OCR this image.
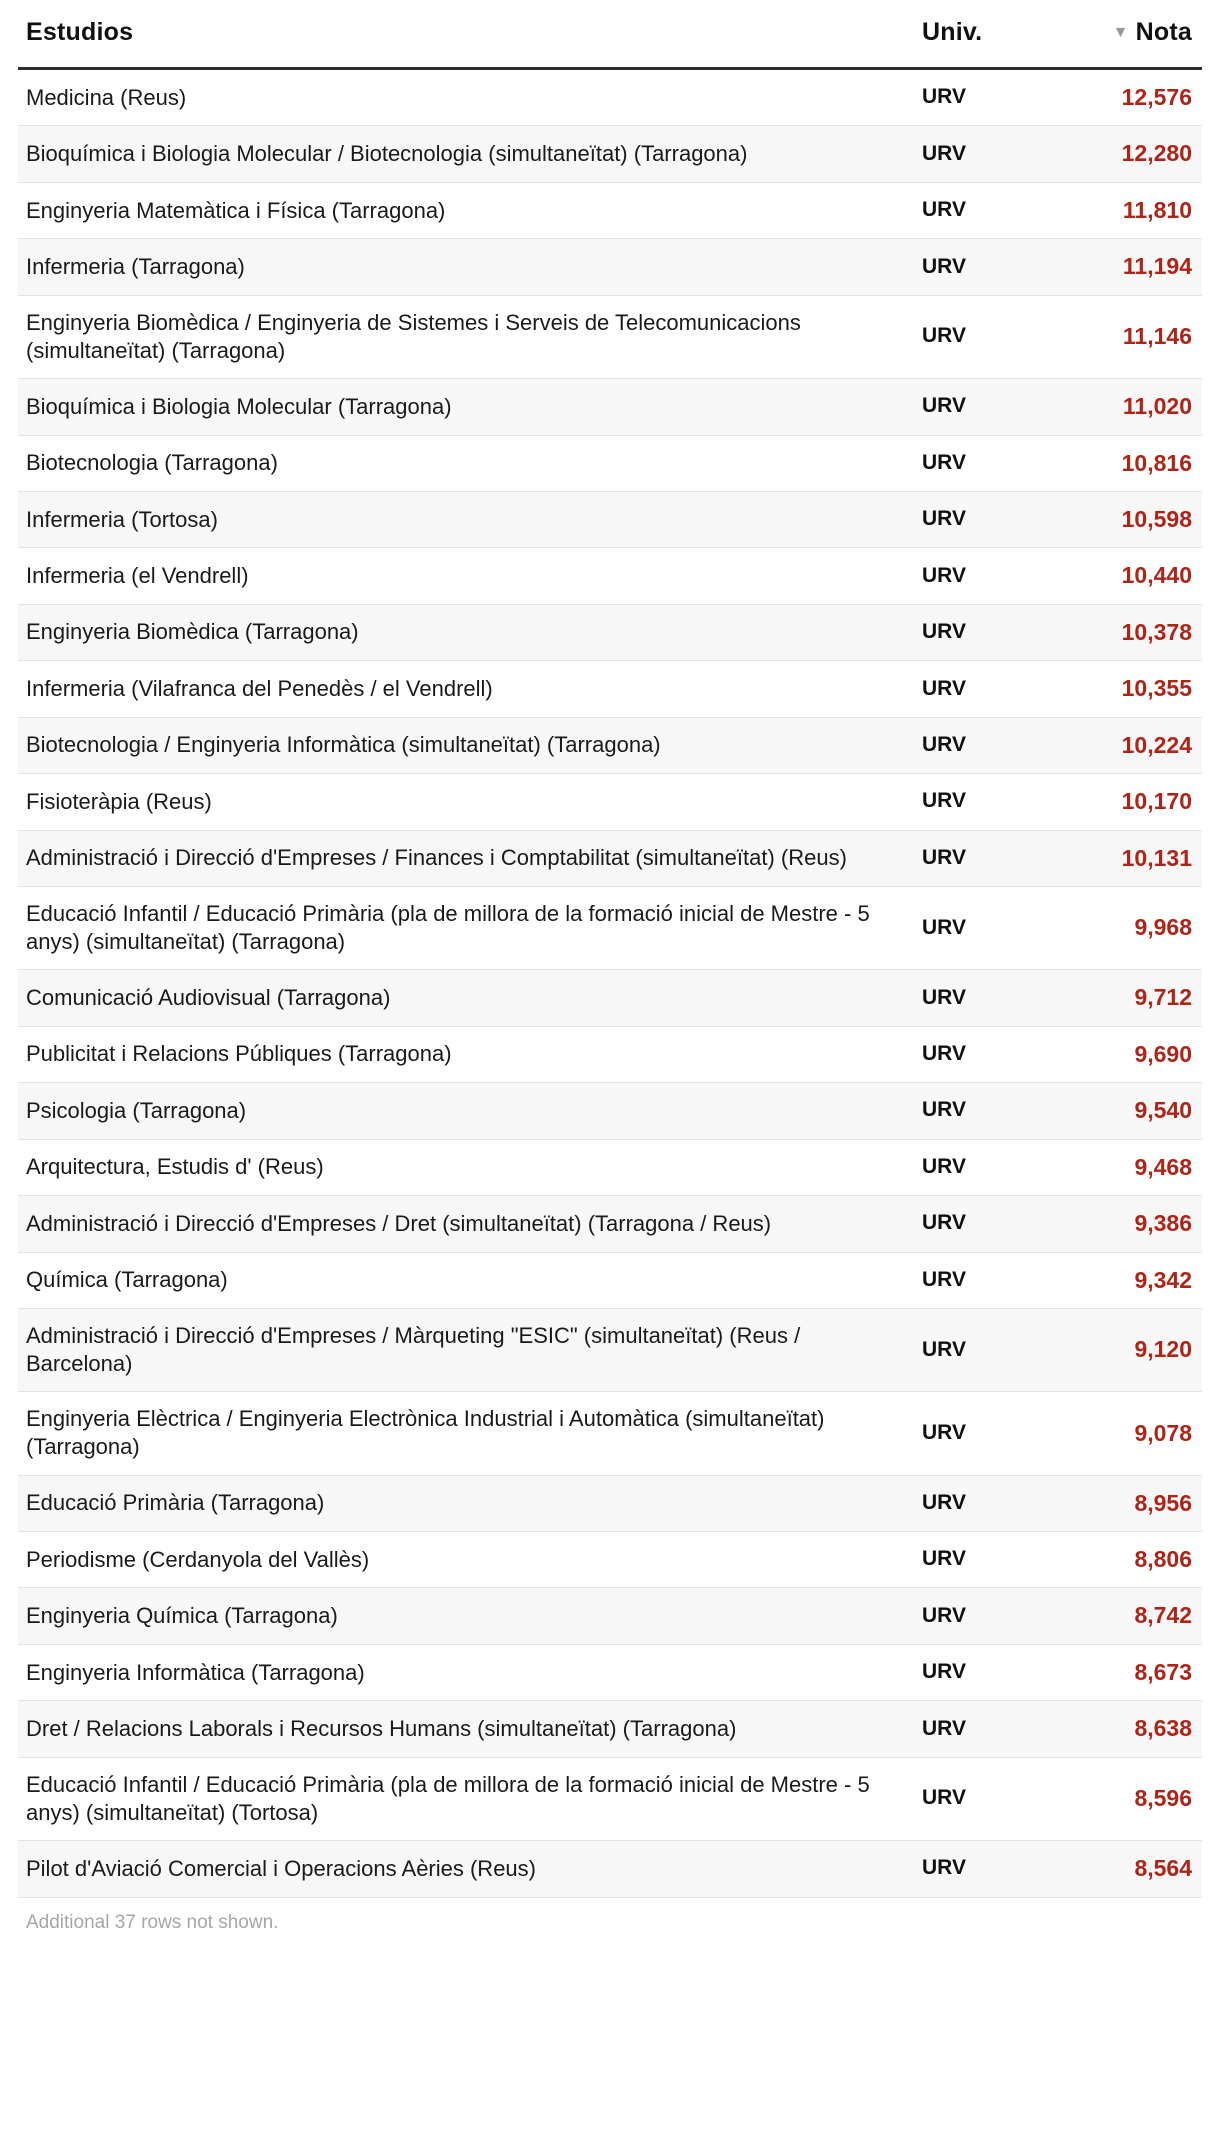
Estudios	Univ.	▼ Nota
Medicina (Reus)	URV	12,576
Bioquímica i Biologia Molecular / Biotecnologia (simultaneïtat) (Tarragona)	URV	12,280
Enginyeria Matemàtica i Física (Tarragona)	URV	11,810
Infermeria (Tarragona)	URV	11,194
Enginyeria Biomèdica / Enginyeria de Sistemes i Serveis de Telecomunicacions (simultaneïtat) (Tarragona)	URV	11,146
Bioquímica i Biologia Molecular (Tarragona)	URV	11,020
Biotecnologia (Tarragona)	URV	10,816
Infermeria (Tortosa)	URV	10,598
Infermeria (el Vendrell)	URV	10,440
Enginyeria Biomèdica (Tarragona)	URV	10,378
Infermeria (Vilafranca del Penedès / el Vendrell)	URV	10,355
Biotecnologia / Enginyeria Informàtica (simultaneïtat) (Tarragona)	URV	10,224
Fisioteràpia (Reus)	URV	10,170
Administració i Direcció d'Empreses / Finances i Comptabilitat (simultaneïtat) (Reus)	URV	10,131
Educació Infantil / Educació Primària (pla de millora de la formació inicial de Mestre - 5 anys) (simultaneïtat) (Tarragona)	URV	9,968
Comunicació Audiovisual (Tarragona)	URV	9,712
Publicitat i Relacions Públiques (Tarragona)	URV	9,690
Psicologia (Tarragona)	URV	9,540
Arquitectura, Estudis d' (Reus)	URV	9,468
Administració i Direcció d'Empreses / Dret (simultaneïtat) (Tarragona / Reus)	URV	9,386
Química (Tarragona)	URV	9,342
Administració i Direcció d'Empreses / Màrqueting "ESIC" (simultaneïtat) (Reus / Barcelona)	URV	9,120
Enginyeria Elèctrica / Enginyeria Electrònica Industrial i Automàtica (simultaneïtat) (Tarragona)	URV	9,078
Educació Primària (Tarragona)	URV	8,956
Periodisme (Cerdanyola del Vallès)	URV	8,806
Enginyeria Química (Tarragona)	URV	8,742
Enginyeria Informàtica (Tarragona)	URV	8,673
Dret / Relacions Laborals i Recursos Humans (simultaneïtat) (Tarragona)	URV	8,638
Educació Infantil / Educació Primària (pla de millora de la formació inicial de Mestre - 5 anys) (simultaneïtat) (Tortosa)	URV	8,596
Pilot d'Aviació Comercial i Operacions Aèries (Reus)	URV	8,564
Additional 37 rows not shown.
